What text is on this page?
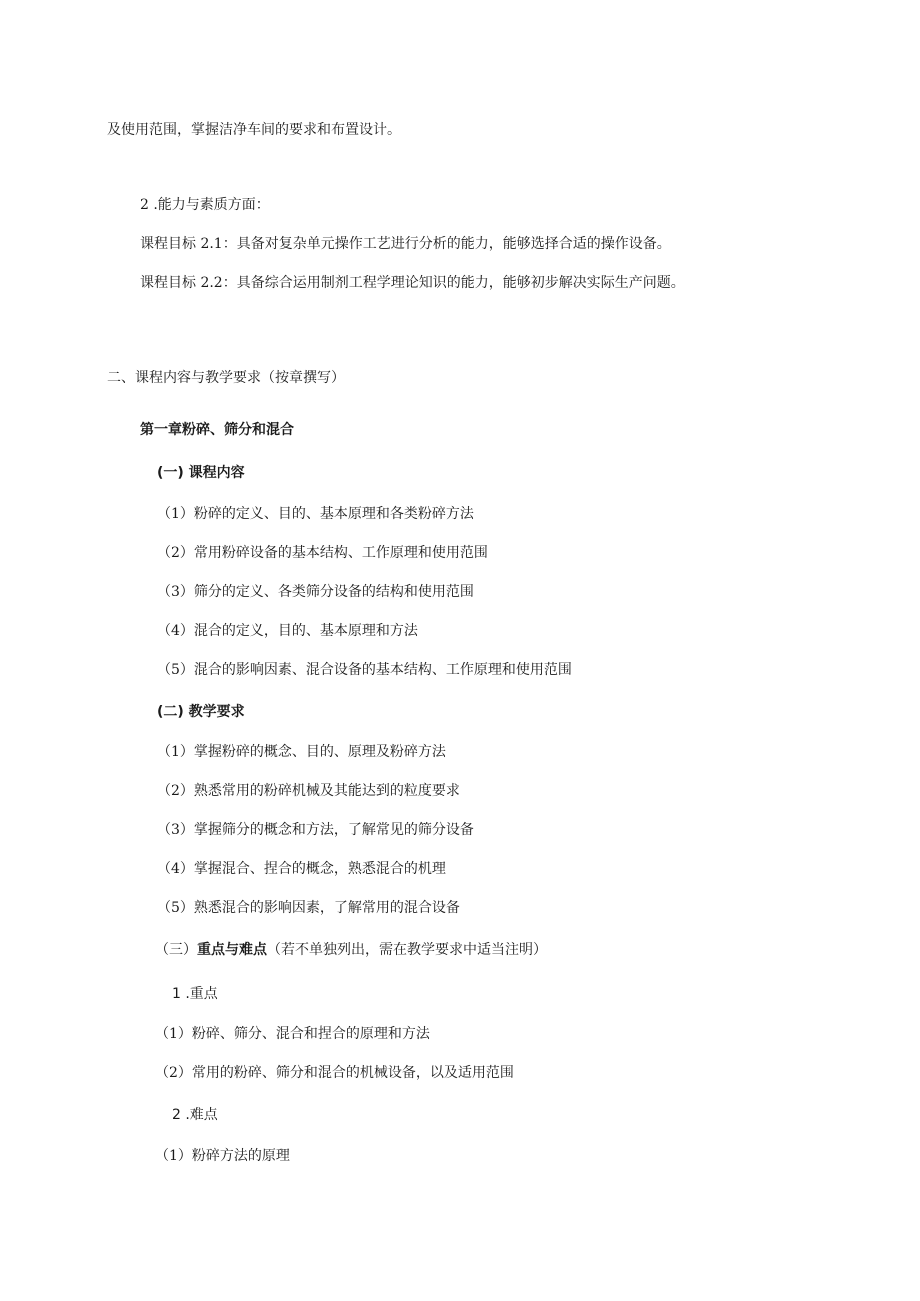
及使用范围，掌握洁净车间的要求和布置设计。

2 .能力与素质方面：

课程目标 2.1：具备对复杂单元操作工艺进行分析的能力，能够选择合适的操作设备。

课程目标 2.2：具备综合运用制剂工程学理论知识的能力，能够初步解决实际生产问题。

二、课程内容与教学要求（按章撰写）

第一章粉碎、筛分和混合

(一) 课程内容

（1）粉碎的定义、目的、基本原理和各类粉碎方法

（2）常用粉碎设备的基本结构、工作原理和使用范围

（3）筛分的定义、各类筛分设备的结构和使用范围

（4）混合的定义，目的、基本原理和方法

（5）混合的影响因素、混合设备的基本结构、工作原理和使用范围

(二) 教学要求

（1）掌握粉碎的概念、目的、原理及粉碎方法

（2）熟悉常用的粉碎机械及其能达到的粒度要求

（3）掌握筛分的概念和方法，了解常见的筛分设备

（4）掌握混合、捏合的概念，熟悉混合的机理

（5）熟悉混合的影响因素，了解常用的混合设备

（三）重点与难点（若不单独列出，需在教学要求中适当注明）

1 .重点

（1）粉碎、筛分、混合和捏合的原理和方法

（2）常用的粉碎、筛分和混合的机械设备，以及适用范围

2 .难点

（1）粉碎方法的原理
